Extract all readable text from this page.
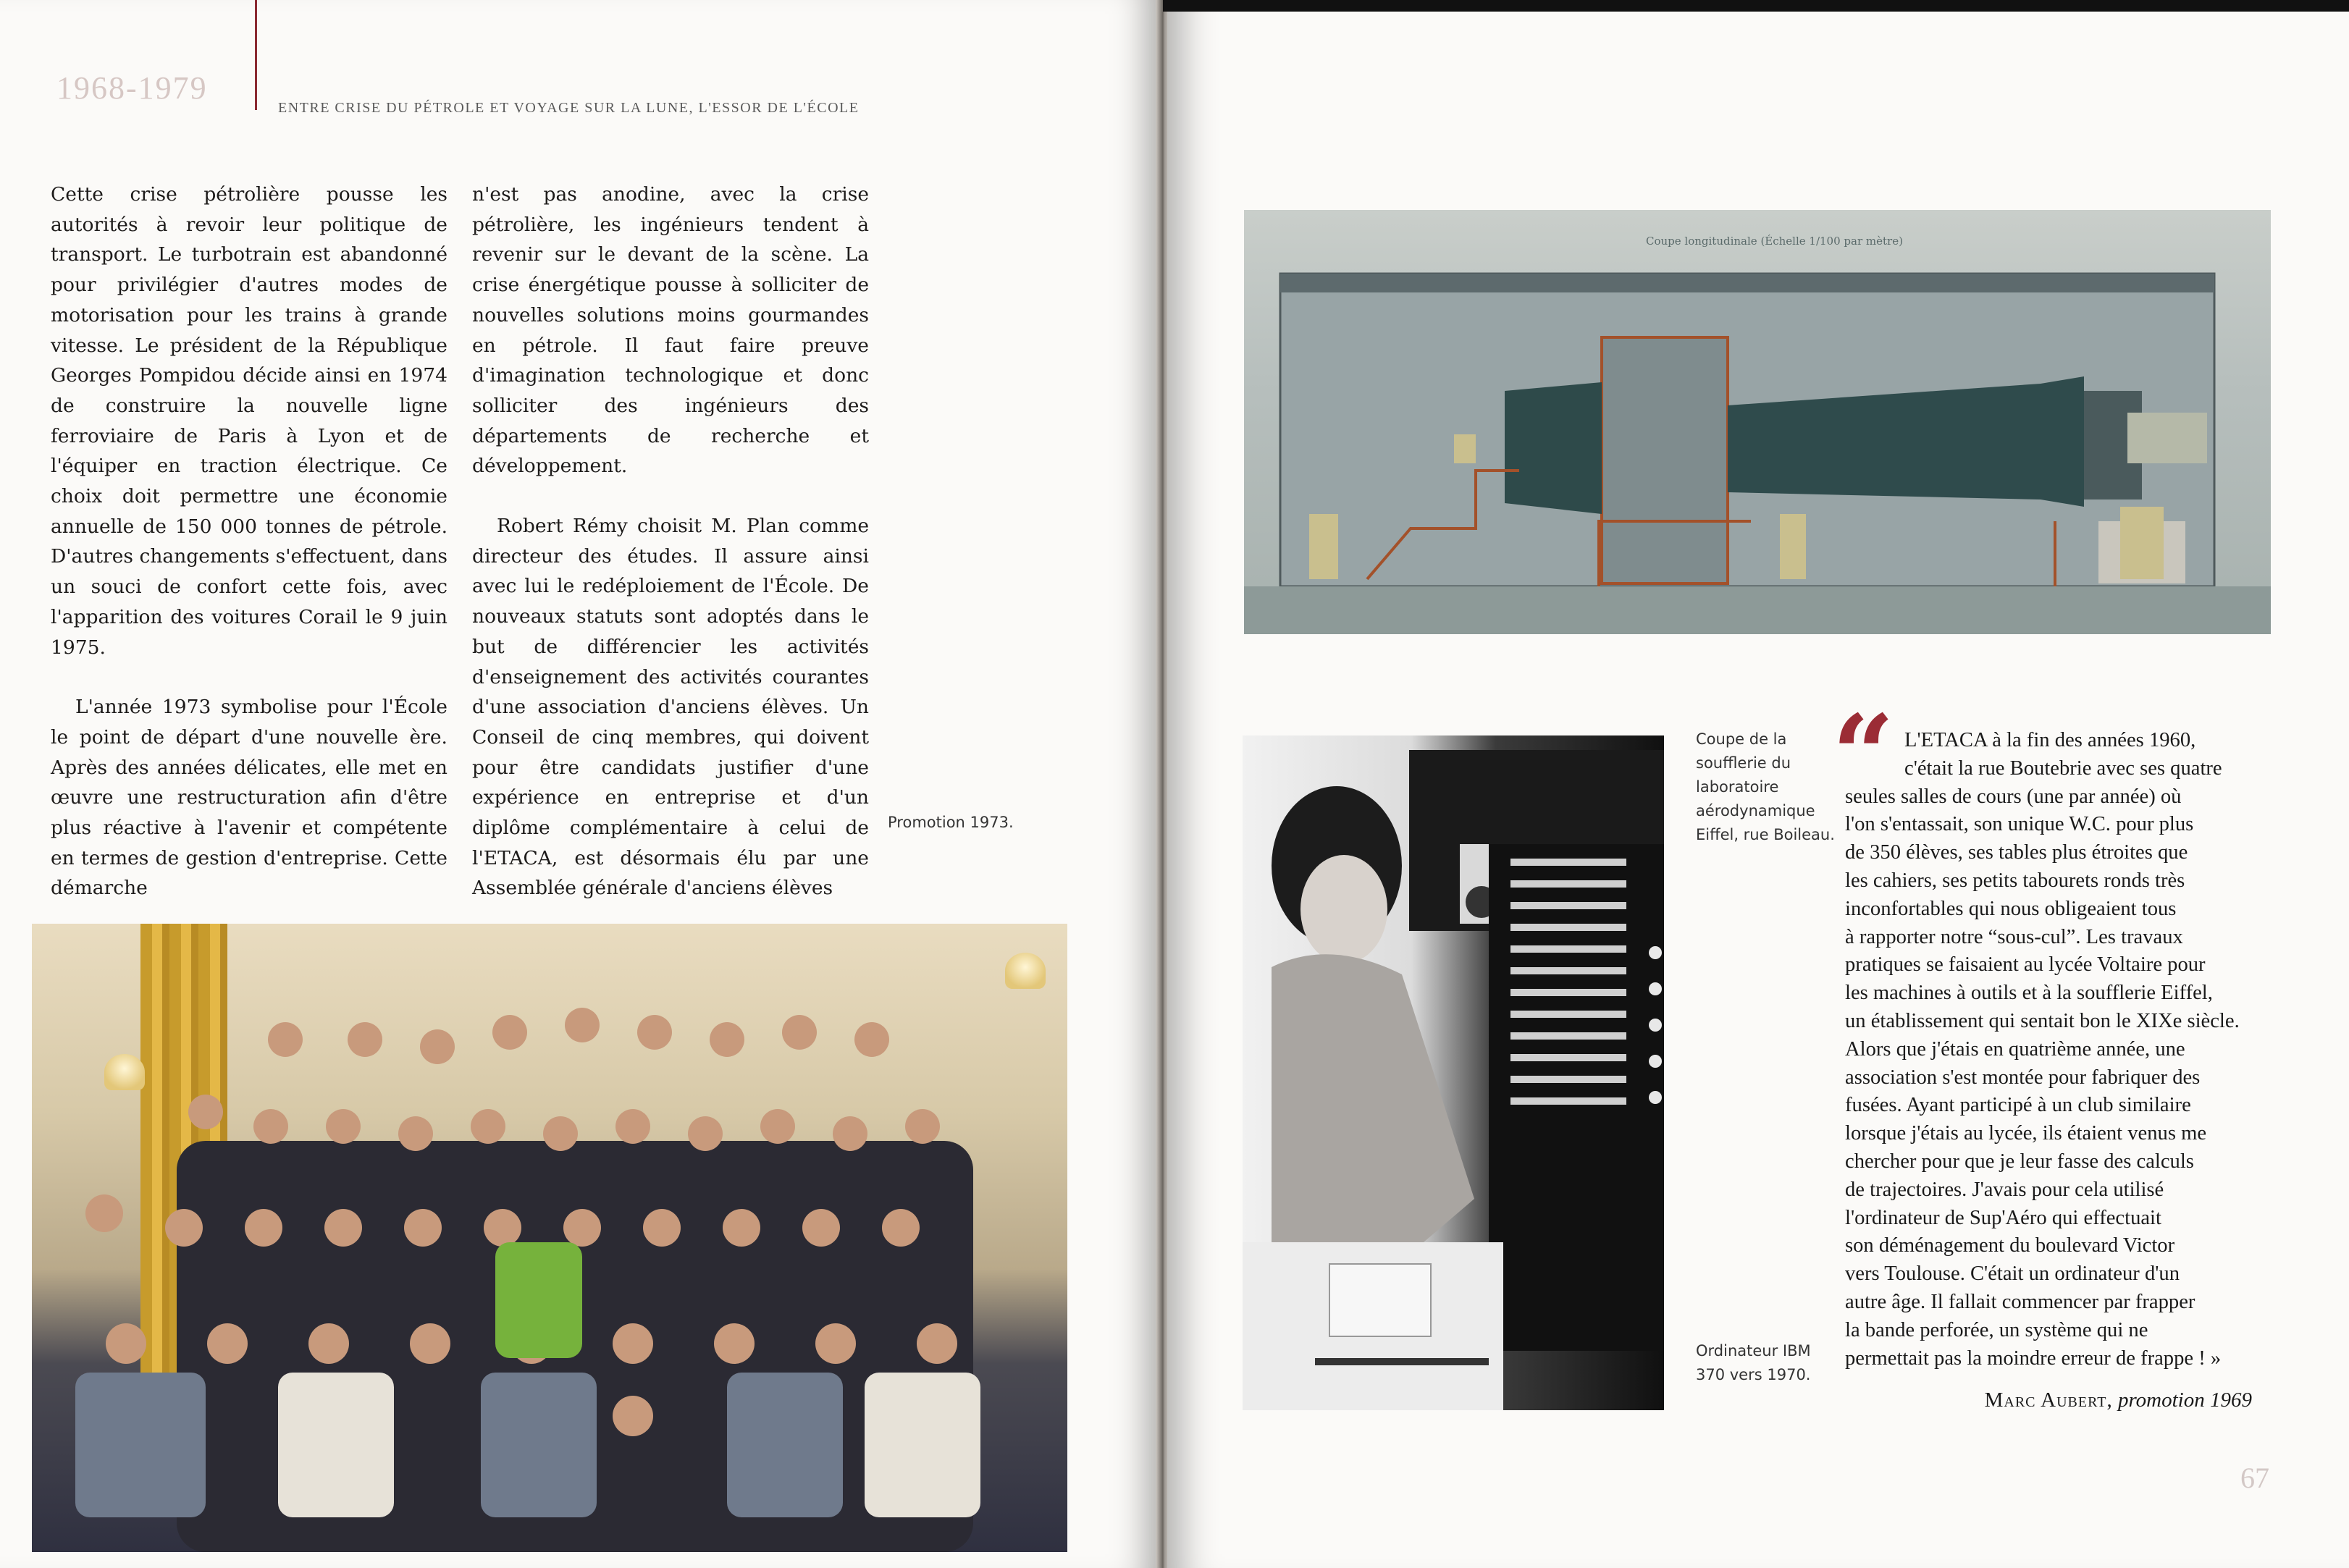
1968-1979
ENTRE CRISE DU PÉTROLE ET VOYAGE SUR LA LUNE, L'ESSOR DE L'ÉCOLE

Cette crise pétrolière pousse les autorités à revoir leur politique de transport. Le turbotrain est abandonné pour privilégier d'autres modes de motorisation pour les trains à grande vitesse. Le président de la République Georges Pompidou décide ainsi en 1974 de construire la nouvelle ligne ferroviaire de Paris à Lyon et de l'équiper en traction électrique. Ce choix doit permettre une économie annuelle de 150 000 tonnes de pétrole. D'autres changements s'effectuent, dans un souci de confort cette fois, avec l'apparition des voitures Corail le 9 juin 1975.

L'année 1973 symbolise pour l'École le point de départ d'une nouvelle ère. Après des années délicates, elle met en œuvre une restructuration afin d'être plus réactive à l'avenir et compétente en termes de gestion d'entreprise. Cette démarche

n'est pas anodine, avec la crise pétrolière, les ingénieurs tendent à revenir sur le devant de la scène. La crise énergétique pousse à solliciter de nouvelles solutions moins gourmandes en pétrole. Il faut faire preuve d'imagination technologique et donc solliciter des ingénieurs des départements de recherche et développement.

Robert Rémy choisit M. Plan comme directeur des études. Il assure ainsi avec lui le redéploiement de l'École. De nouveaux statuts sont adoptés dans le but de différencier les activités d'enseignement des activités courantes d'une association d'anciens élèves. Un Conseil de cinq membres, qui doivent pour être candidats justifier d'une expérience en entreprise et d'un diplôme complémentaire à celui de l'ETACA, est désormais élu par une Assemblée générale d'anciens élèves

Promotion 1973.
Coupe longitudinale (Échelle 1/100 par mètre)
Coupe de la soufflerie du laboratoire aérodynamique Eiffel, rue Boileau.
Ordinateur IBM 370 vers 1970.
“ L'ETACA à la fin des années 1960,
c'était la rue Boutebrie avec ses quatre
seules salles de cours (une par année) où
l'on s'entassait, son unique W.C. pour plus
de 350 élèves, ses tables plus étroites que
les cahiers, ses petits tabourets ronds très
inconfortables qui nous obligeaient tous
à rapporter notre “sous-cul”. Les travaux
pratiques se faisaient au lycée Voltaire pour
les machines à outils et à la soufflerie Eiffel,
un établissement qui sentait bon le XIXe siècle.
Alors que j'étais en quatrième année, une
association s'est montée pour fabriquer des
fusées. Ayant participé à un club similaire
lorsque j'étais au lycée, ils étaient venus me
chercher pour que je leur fasse des calculs
de trajectoires. J'avais pour cela utilisé
l'ordinateur de Sup'Aéro qui effectuait
son déménagement du boulevard Victor
vers Toulouse. C'était un ordinateur d'un
autre âge. Il fallait commencer par frapper
la bande perforée, un système qui ne
permettait pas la moindre erreur de frappe ! »
Marc Aubert, promotion 1969
67
